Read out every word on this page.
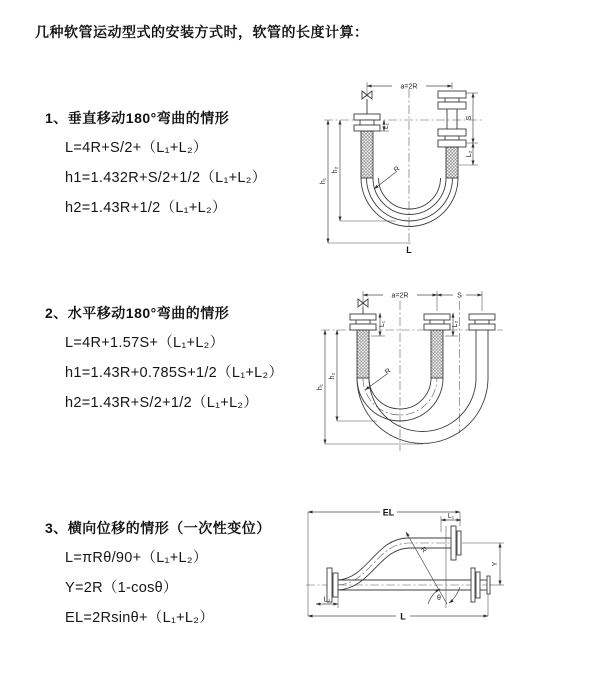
几种软管运动型式的安装方式时，软管的长度计算：
1、垂直移动180°弯曲的情形
L=4R+S/2+（L₁+L₂）
h1=1.432R+S/2+1/2（L₁+L₂）
h2=1.43R+1/2（L₁+L₂）
2、水平移动180°弯曲的情形
L=4R+1.57S+（L₁+L₂）
h1=1.43R+0.785S+1/2（L₁+L₂）
h2=1.43R+S/2+1/2（L₁+L₂）
3、横向位移的情形（一次性变位）
L=πRθ/90+（L₁+L₂）
Y=2R（1-cosθ）
EL=2Rsinθ+（L₁+L₂）
a=2R
S
L₂
L₁
h₁
h₂	R
L
a=2R	S
L₁	L₂
h₁
h₂	R
EL	L₁
Y
R
θ
L₂
L
